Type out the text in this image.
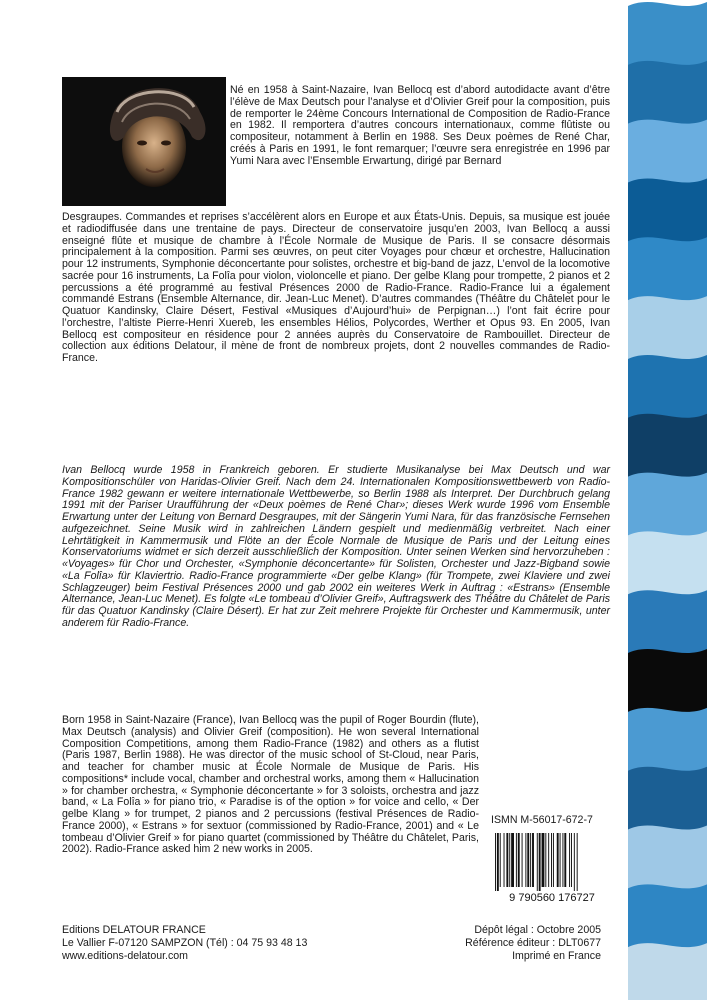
Né en 1958 à Saint-Nazaire, Ivan Bellocq est d’abord autodidacte avant d’être l’élève de Max Deutsch pour l’analyse et d’Olivier Greif pour la composition, puis de remporter le 24ème Concours International de Composition de Radio-France en 1982. Il remportera d’autres concours internationaux, comme flûtiste ou compositeur, notamment à Berlin en 1988. Ses Deux poèmes de René Char, créés à Paris en 1991, le font remarquer; l’œuvre sera enregistrée en 1996 par Yumi Nara avec l’Ensemble Erwartung, dirigé par Bernard

Desgraupes. Commandes et reprises s’accélèrent alors en Europe et aux États-Unis. Depuis, sa musique est jouée et radiodiffusée dans une trentaine de pays. Directeur de conservatoire jusqu’en 2003, Ivan Bellocq a aussi enseigné flûte et musique de chambre à l’École Normale de Musique de Paris. Il se consacre désormais principalement à la composition. Parmi ses œuvres, on peut citer Voyages pour chœur et orchestre, Hallucination pour 12 instruments, Symphonie déconcertante pour solistes, orchestre et big-band de jazz, L’envol de la locomotive sacrée pour 16 instruments, La Folîa pour violon, violoncelle et piano. Der gelbe Klang pour trompette, 2 pianos et 2 percussions a été programmé au festival Présences 2000 de Radio-France. Radio-France lui a également commandé Estrans (Ensemble Alternance, dir. Jean-Luc Menet). D’autres commandes (Théâtre du Châtelet pour le Quatuor Kandinsky, Claire Désert, Festival «Musiques d’Aujourd’hui» de Perpignan…) l’ont fait écrire pour l’orchestre, l’altiste Pierre-Henri Xuereb, les ensembles Hélios, Polycordes, Werther et Opus 93. En 2005, Ivan Bellocq est compositeur en résidence pour 2 années auprès du Conservatoire de Rambouillet. Directeur de collection aux éditions Delatour, il mène de front de nombreux projets, dont 2 nouvelles commandes de Radio-France.

Ivan Bellocq wurde 1958 in Frankreich geboren. Er studierte Musikanalyse bei Max Deutsch und war Kompositionschüler von Haridas-Olivier Greif. Nach dem 24. Internationalen Kompositionswettbewerb von Radio-France 1982 gewann er weitere internationale Wettbewerbe, so Berlin 1988 als Interpret. Der Durchbruch gelang 1991 mit der Pariser Uraufführung der «Deux poèmes de René Char»; dieses Werk wurde 1996 vom Ensemble Erwartung unter der Leitung von Bernard Desgraupes, mit der Sängerin Yumi Nara, für das französische Fernsehen aufgezeichnet. Seine Musik wird in zahlreichen Ländern gespielt und medienmäßig verbreitet. Nach einer Lehrtätigkeit in Kammermusik und Flöte an der École Normale de Musique de Paris und der Leitung eines Konservatoriums widmet er sich derzeit ausschließlich der Komposition. Unter seinen Werken sind hervorzuheben : «Voyages» für Chor und Orchester, «Symphonie déconcertante» für Solisten, Orchester und Jazz-Bigband sowie «La Folîa» für Klaviertrio. Radio-France programmierte «Der gelbe Klang» (für Trompete, zwei Klaviere und zwei Schlagzeuger) beim Festival Présences 2000 und gab 2002 ein weiteres Werk in Auftrag : «Estrans» (Ensemble Alternance, Jean-Luc Menet). Es folgte «Le tombeau d’Olivier Greif», Auftragswerk des Théâtre du Châtelet de Paris für das Quatuor Kandinsky (Claire Désert). Er hat zur Zeit mehrere Projekte für Orchester und Kammermusik, unter anderem für Radio-France.

Born 1958 in Saint-Nazaire (France), Ivan Bellocq was the pupil of Roger Bourdin (flute), Max Deutsch (analysis) and Olivier Greif (composition). He won several International Composition Competitions, among them Radio-France (1982) and others as a flutist (Paris 1987, Berlin 1988). He was director of the music school of St-Cloud, near Paris, and teacher for chamber music at École Normale de Musique de Paris. His compositions* include vocal, chamber and orchestral works, among them « Hallucination » for chamber orchestra, « Symphonie déconcertante » for 3 soloists, orchestra and jazz band, « La Folîa » for piano trio, « Paradise is of the option » for voice and cello, « Der gelbe Klang » for trumpet, 2 pianos and 2 percussions (festival Présences de Radio-France 2000), « Estrans » for sextuor (commissioned by Radio-France, 2001) and « Le tombeau d’Olivier Greif » for piano quartet (commissioned by Théâtre du Châtelet, Paris, 2002). Radio-France asked him 2 new works in 2005.

ISMN M-56017-672-7
9 790560 176727
Editions DELATOUR FRANCE
Le Vallier F-07120 SAMPZON (Tél) : 04 75 93 48 13
www.editions-delatour.com
Dépôt légal : Octobre 2005
Référence éditeur : DLT0677
Imprimé en France
